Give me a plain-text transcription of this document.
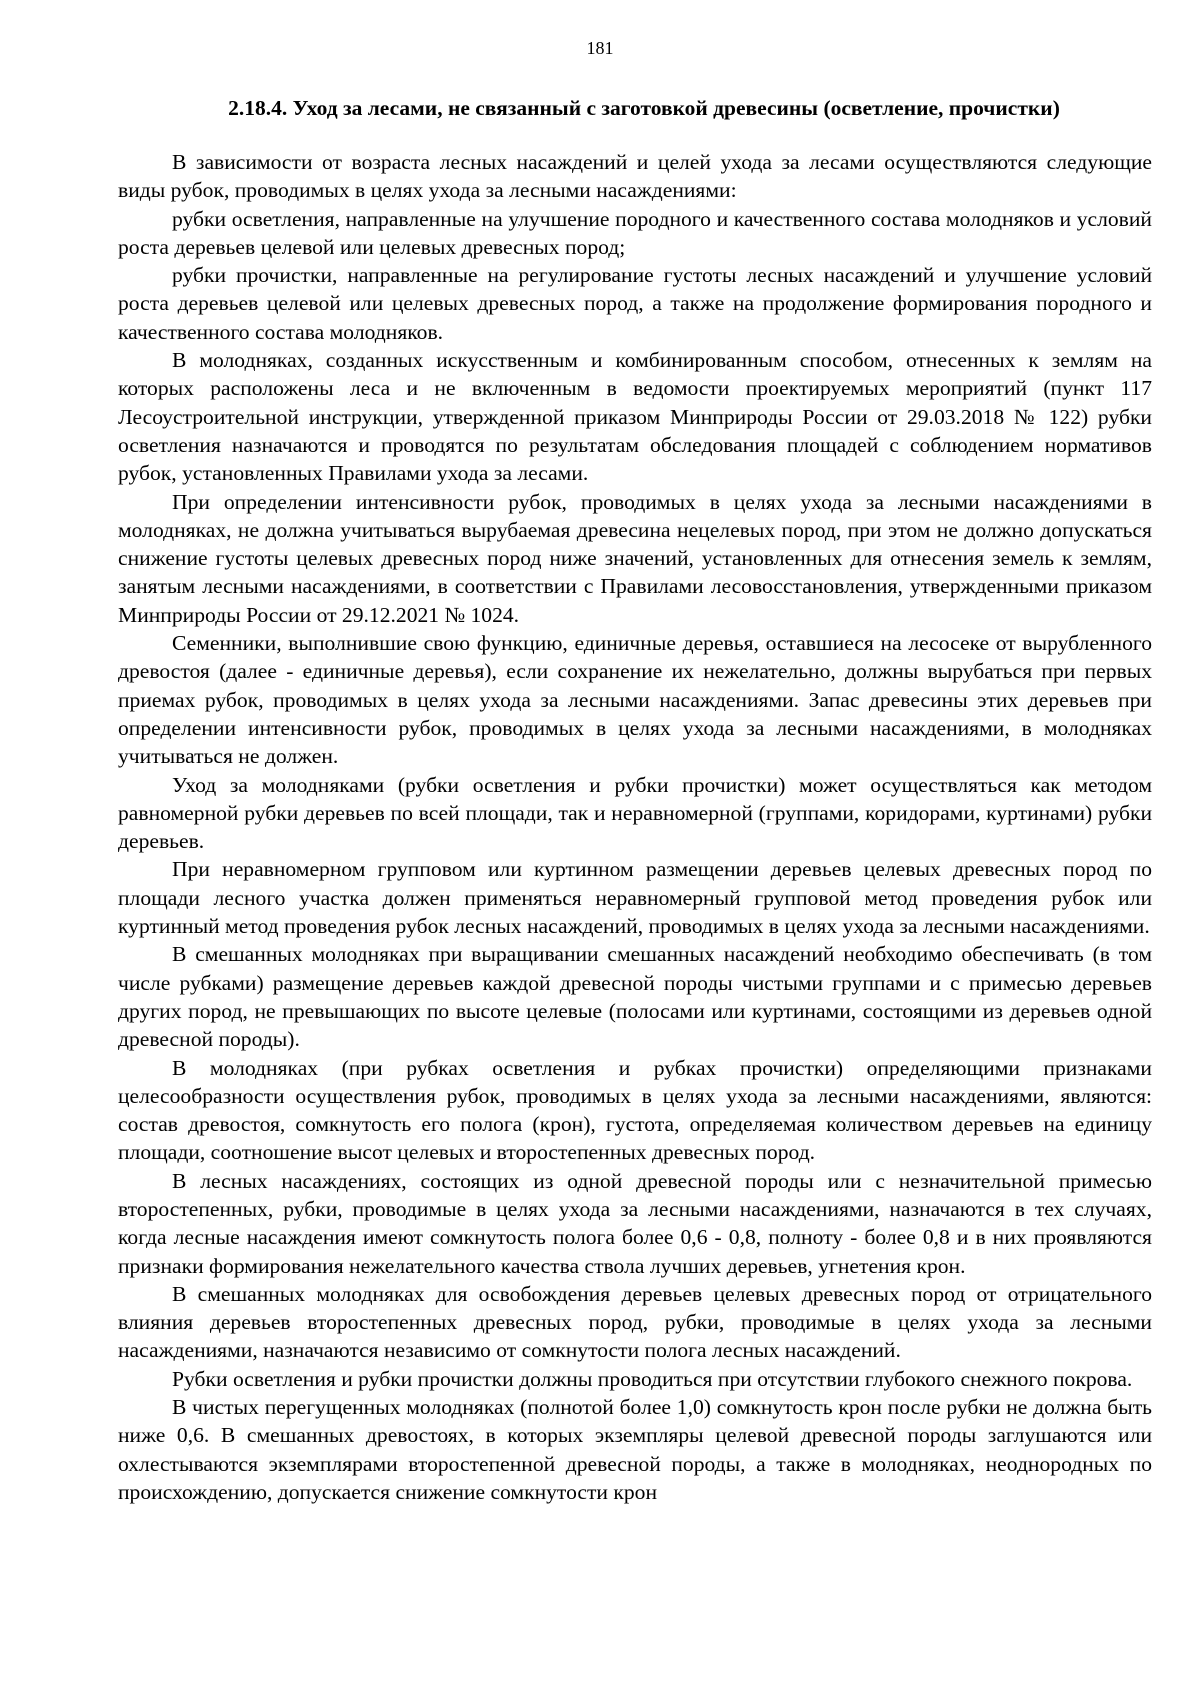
181
2.18.4. Уход за лесами, не связанный с заготовкой древесины (осветление, прочистки)

В зависимости от возраста лесных насаждений и целей ухода за лесами осуществляются следующие виды рубок, проводимых в целях ухода за лесными насаждениями:

рубки осветления, направленные на улучшение породного и качественного состава молодняков и условий роста деревьев целевой или целевых древесных пород;

рубки прочистки, направленные на регулирование густоты лесных насаждений и улучшение условий роста деревьев целевой или целевых древесных пород, а также на продолжение формирования породного и качественного состава молодняков.

В молодняках, созданных искусственным и комбинированным способом, отнесенных к землям на которых расположены леса и не включенным в ведомости проектируемых мероприятий (пункт 117 Лесоустроительной инструкции, утвержденной приказом Минприроды России от 29.03.2018 № 122) рубки осветления назначаются и проводятся по результатам обследования площадей с соблюдением нормативов рубок, установленных Правилами ухода за лесами.

При определении интенсивности рубок, проводимых в целях ухода за лесными насаждениями в молодняках, не должна учитываться вырубаемая древесина нецелевых пород, при этом не должно допускаться снижение густоты целевых древесных пород ниже значений, установленных для отнесения земель к землям, занятым лесными насаждениями, в соответствии с Правилами лесовосстановления, утвержденными приказом Минприроды России от 29.12.2021 № 1024.

Семенники, выполнившие свою функцию, единичные деревья, оставшиеся на лесосеке от вырубленного древостоя (далее - единичные деревья), если сохранение их нежелательно, должны вырубаться при первых приемах рубок, проводимых в целях ухода за лесными насаждениями. Запас древесины этих деревьев при определении интенсивности рубок, проводимых в целях ухода за лесными насаждениями, в молодняках учитываться не должен.

Уход за молодняками (рубки осветления и рубки прочистки) может осуществляться как методом равномерной рубки деревьев по всей площади, так и неравномерной (группами, коридорами, куртинами) рубки деревьев.

При неравномерном групповом или куртинном размещении деревьев целевых древесных пород по площади лесного участка должен применяться неравномерный групповой метод проведения рубок или куртинный метод проведения рубок лесных насаждений, проводимых в целях ухода за лесными насаждениями.

В смешанных молодняках при выращивании смешанных насаждений необходимо обеспечивать (в том числе рубками) размещение деревьев каждой древесной породы чистыми группами и с примесью деревьев других пород, не превышающих по высоте целевые (полосами или куртинами, состоящими из деревьев одной древесной породы).

В молодняках (при рубках осветления и рубках прочистки) определяющими признаками целесообразности осуществления рубок, проводимых в целях ухода за лесными насаждениями, являются: состав древостоя, сомкнутость его полога (крон), густота, определяемая количеством деревьев на единицу площади, соотношение высот целевых и второстепенных древесных пород.

В лесных насаждениях, состоящих из одной древесной породы или с незначительной примесью второстепенных, рубки, проводимые в целях ухода за лесными насаждениями, назначаются в тех случаях, когда лесные насаждения имеют сомкнутость полога более 0,6 - 0,8, полноту - более 0,8 и в них проявляются признаки формирования нежелательного качества ствола лучших деревьев, угнетения крон.

В смешанных молодняках для освобождения деревьев целевых древесных пород от отрицательного влияния деревьев второстепенных древесных пород, рубки, проводимые в целях ухода за лесными насаждениями, назначаются независимо от сомкнутости полога лесных насаждений.

Рубки осветления и рубки прочистки должны проводиться при отсутствии глубокого снежного покрова.

В чистых перегущенных молодняках (полнотой более 1,0) сомкнутость крон после рубки не должна быть ниже 0,6. В смешанных древостоях, в которых экземпляры целевой древесной породы заглушаются или охлестываются экземплярами второстепенной древесной породы, а также в молодняках, неоднородных по происхождению, допускается снижение сомкнутости крон
